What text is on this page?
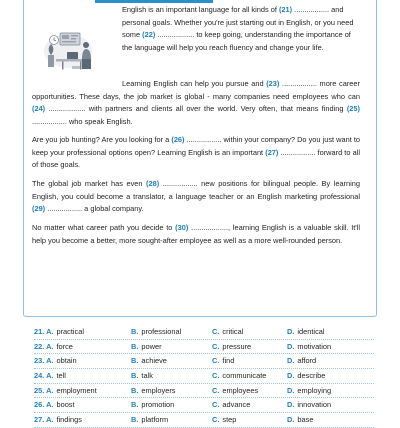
English is an important language for all kinds of (21) ................. and personal goals. Whether you're just starting out in English, or you need some (22) .................. to keep going, understanding the importance of the language will help you reach fluency and change your life.

Learning English can help you pursue and (23) ................. more career opportunities. These days, the job market is global - many companies need employees who can (24) .................. with partners and clients all over the world. Very often, that means finding (25) ................. who speak English.

Are you job hunting? Are you looking for a (26) ................. within your company? Do you just want to keep your professional options open? Learning English is an important (27) ................. forward to all of those goals.

The global job market has even (28) ................. new positions for bilingual people. By learning English, you could become a translator, a language teacher or an English marketing professional (29) ................. a global company.

No matter what career path you decide to (30) .................., learning English is a valuable skill. It'll help you become a better, more sought-after employee as well as a more well-rounded person.

21. A. practical	B. professional	C. critical	D. identical
22. A. force	B. power	C. pressure	D. motivation
23. A. obtain	B. achieve	C. find	D. afford
24. A. tell	B. talk	C. communicate	D. describe
25. A. employment	B. employers	C. employees	D. employing
26. A. boost	B. promotion	C. advance	D. innovation
27. A. findings	B. platform	C. step	D. base
